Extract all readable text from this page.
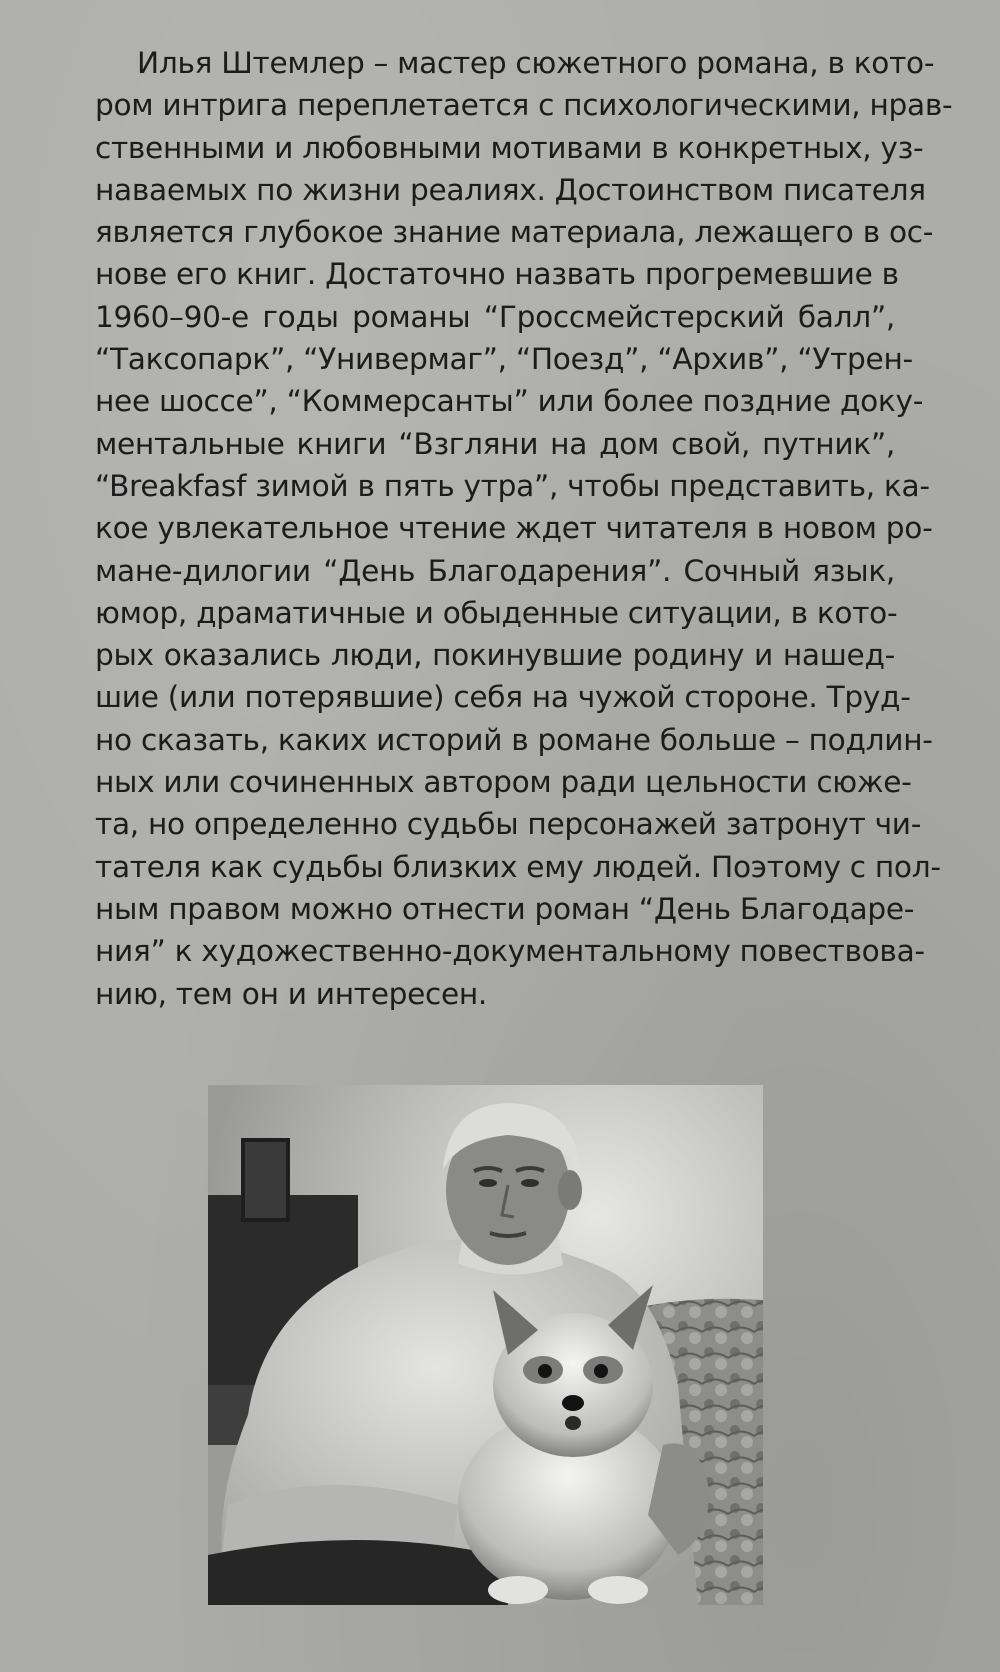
Илья Штемлер – мастер сюжетного романа, в кото-
ром интрига переплетается с психологическими, нрав-
ственными и любовными мотивами в конкретных, уз-
наваемых по жизни реалиях. Достоинством писателя
является глубокое знание материала, лежащего в ос-
нове его книг. Достаточно назвать прогремевшие в
1960–90-е годы романы “Гроссмейстерский балл”,
“Таксопарк”, “Универмаг”, “Поезд”, “Архив”, “Утрен-
нее шоссе”, “Коммерсанты” или более поздние доку-
ментальные книги “Взгляни на дом свой, путник”,
“Breakfasf зимой в пять утра”, чтобы представить, ка-
кое увлекательное чтение ждет читателя в новом ро-
мане-дилогии “День Благодарения”. Сочный язык,
юмор, драматичные и обыденные ситуации, в кото-
рых оказались люди, покинувшие родину и нашед-
шие (или потерявшие) себя на чужой стороне. Труд-
но сказать, каких историй в романе больше – подлин-
ных или сочиненных автором ради цельности сюже-
та, но определенно судьбы персонажей затронут чи-
тателя как судьбы близких ему людей. Поэтому с пол-
ным правом можно отнести роман “День Благодаре-
ния” к художественно-документальному повествова-
нию, тем он и интересен.
